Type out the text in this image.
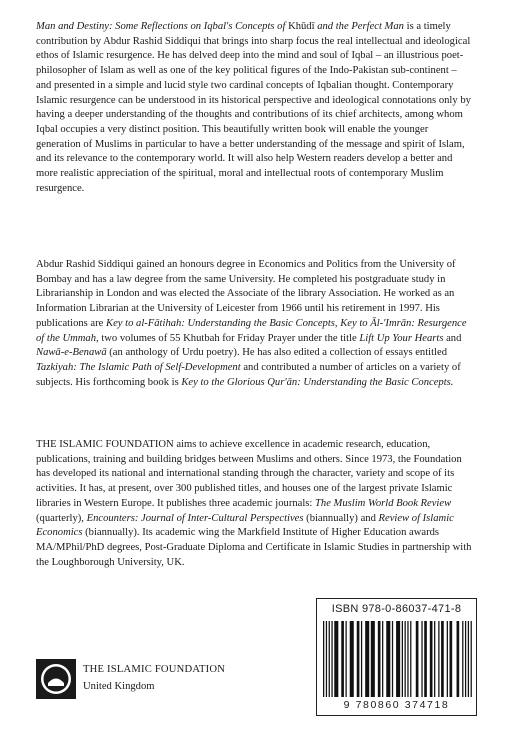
Man and Destiny: Some Reflections on Iqbal's Concepts of Khūdī and the Perfect Man is a timely contribution by Abdur Rashid Siddiqui that brings into sharp focus the real intellectual and ideological ethos of Islamic resurgence. He has delved deep into the mind and soul of Iqbal – an illustrious poet-philosopher of Islam as well as one of the key political figures of the Indo-Pakistan sub-continent – and presented in a simple and lucid style two cardinal concepts of Iqbalian thought. Contemporary Islamic resurgence can be understood in its historical perspective and ideological connotations only by having a deeper understanding of the thoughts and contributions of its chief architects, among whom Iqbal occupies a very distinct position. This beautifully written book will enable the younger generation of Muslims in particular to have a better understanding of the message and spirit of Islam, and its relevance to the contemporary world. It will also help Western readers develop a better and more realistic appreciation of the spiritual, moral and intellectual roots of contemporary Muslim resurgence.

Abdur Rashid Siddiqui gained an honours degree in Economics and Politics from the University of Bombay and has a law degree from the same University. He completed his postgraduate study in Librarianship in London and was elected the Associate of the library Association. He worked as an Information Librarian at the University of Leicester from 1966 until his retirement in 1997. His publications are Key to al-Fātihah: Understanding the Basic Concepts, Key to Āl-'Imrān: Resurgence of the Ummah, two volumes of 55 Khutbah for Friday Prayer under the title Lift Up Your Hearts and Nawā-e-Benawā (an anthology of Urdu poetry). He has also edited a collection of essays entitled Tazkiyah: The Islamic Path of Self-Development and contributed a number of articles on a variety of subjects. His forthcoming book is Key to the Glorious Qur'ān: Understanding the Basic Concepts.

THE ISLAMIC FOUNDATION aims to achieve excellence in academic research, education, publications, training and building bridges between Muslims and others. Since 1973, the Foundation has developed its national and international standing through the character, variety and scope of its activities. It has, at present, over 300 published titles, and houses one of the largest private Islamic libraries in Western Europe. It publishes three academic journals: The Muslim World Book Review (quarterly), Encounters: Journal of Inter-Cultural Perspectives (biannually) and Review of Islamic Economics (biannually). Its academic wing the Markfield Institute of Higher Education awards MA/MPhil/PhD degrees, Post-Graduate Diploma and Certificate in Islamic Studies in partnership with the Loughborough University, UK.

ISBN 978-0-86037-471-8
9 780860 374718
THE ISLAMIC FOUNDATION
United Kingdom
